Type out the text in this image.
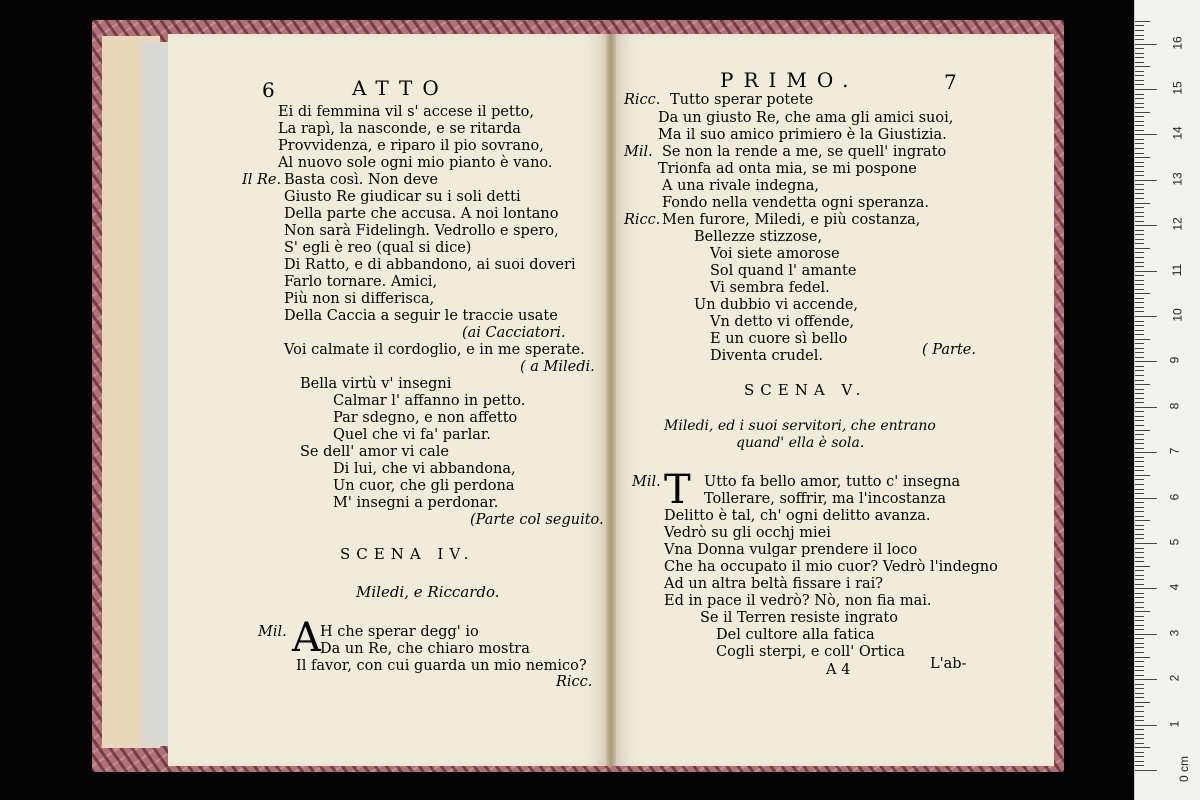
6	ATTO
SCENA IV.
Miledi, e Riccardo.
A
Ricc.
PRIMO.	7
( Parte.
SCENA V.
Miledi, ed i suoi servitori, che entrano
quand' ella è sola.
T
A 4	L'ab-
Ei di femmina vil s' accese il petto,
La rapì, la nasconde, e se ritarda
Provvidenza, e riparo il pio sovrano,
Al nuovo sole ogni mio pianto è vano.
Il Re. Basta così. Non deve
Giusto Re giudicar su i soli detti
Della parte che accusa. A noi lontano
Non sarà Fidelingh. Vedrollo e spero,
S' egli è reo (qual si dice)
Di Ratto, e di abbandono, ai suoi doveri
Farlo tornare. Amici,
Più non si differisca,
Della Caccia a seguir le traccie usate
Voi calmate il cordoglio, e in me sperate.
Bella virtù v' insegni
Calmar l' affanno in petto.
Par sdegno, e non affetto
Quel che vi fa' parlar.
Se dell' amor vi cale
Di lui, che vi abbandona,
Un cuor, che gli perdona
M' insegni a perdonar.
Mil. H che sperar degg' io
Da un Re, che chiaro mostra
Il favor, con cui guarda un mio nemico?
Ricc. Tutto sperar potete
Da un giusto Re, che ama gli amici suoi,
Ma il suo amico primiero è la Giustizia.
Mil. Se non la rende a me, se quell' ingrato
Trionfa ad onta mia, se mi pospone
A una rivale indegna,
Fondo nella vendetta ogni speranza.
Ricc. Men furore, Miledi, e più costanza,
Bellezze stizzose,
Voi siete amorose
Sol quand l' amante
Vi sembra fedel.
Un dubbio vi accende,
Vn detto vi offende,
E un cuore sì bello
Diventa crudel.
Mil.	Utto fa bello amor, tutto c' insegna
Tollerare, soffrir, ma l'incostanza
Delitto è tal, ch' ogni delitto avanza.
Vedrò su gli occhj miei
Vna Donna vulgar prendere il loco
Che ha occupato il mio cuor? Vedrò l'indegno
Ad un altra beltà fissare i rai?
Ed in pace il vedrò? Nò, non fia mai.
Se il Terren resiste ingrato
Del cultore alla fatica
Cogli sterpi, e coll' Ortica
(ai Cacciatori.
( a Miledi.
(Parte col seguito.
0 cm
1
2
3
4
5
6
7
8
9
10
11
12
13
14
15
16
